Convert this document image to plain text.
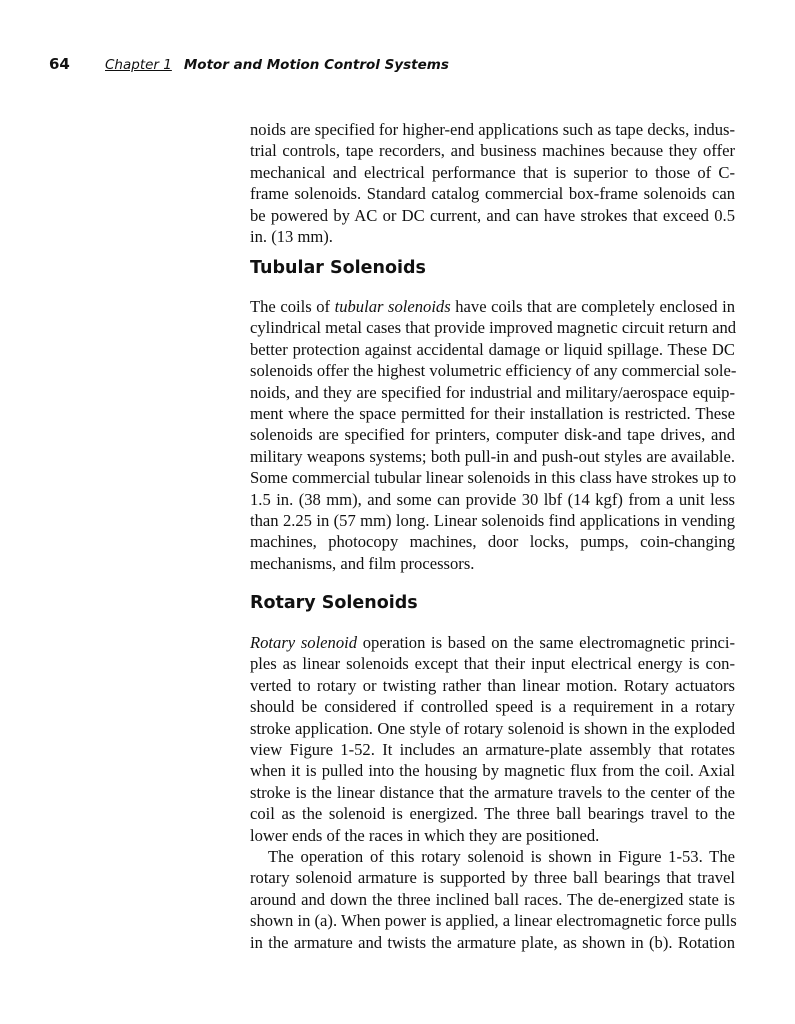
64	Chapter 1 Motor and Motion Control Systems
noids are specified for higher-end applications such as tape decks, indus-
trial controls, tape recorders, and business machines because they offer
mechanical and electrical performance that is superior to those of C-
frame solenoids. Standard catalog commercial box-frame solenoids can
be powered by AC or DC current, and can have strokes that exceed 0.5
in. (13 mm).
Tubular Solenoids
The coils of tubular solenoids have coils that are completely enclosed in
cylindrical metal cases that provide improved magnetic circuit return and
better protection against accidental damage or liquid spillage. These DC
solenoids offer the highest volumetric efficiency of any commercial sole-
noids, and they are specified for industrial and military/aerospace equip-
ment where the space permitted for their installation is restricted. These
solenoids are specified for printers, computer disk-and tape drives, and
military weapons systems; both pull-in and push-out styles are available.
Some commercial tubular linear solenoids in this class have strokes up to
1.5 in. (38 mm), and some can provide 30 lbf (14 kgf) from a unit less
than 2.25 in (57 mm) long. Linear solenoids find applications in vending
machines, photocopy machines, door locks, pumps, coin-changing
mechanisms, and film processors.
Rotary Solenoids
Rotary solenoid operation is based on the same electromagnetic princi-
ples as linear solenoids except that their input electrical energy is con-
verted to rotary or twisting rather than linear motion. Rotary actuators
should be considered if controlled speed is a requirement in a rotary
stroke application. One style of rotary solenoid is shown in the exploded
view Figure 1-52. It includes an armature-plate assembly that rotates
when it is pulled into the housing by magnetic flux from the coil. Axial
stroke is the linear distance that the armature travels to the center of the
coil as the solenoid is energized. The three ball bearings travel to the
lower ends of the races in which they are positioned.
The operation of this rotary solenoid is shown in Figure 1-53. The
rotary solenoid armature is supported by three ball bearings that travel
around and down the three inclined ball races. The de-energized state is
shown in (a). When power is applied, a linear electromagnetic force pulls
in the armature and twists the armature plate, as shown in (b). Rotation
